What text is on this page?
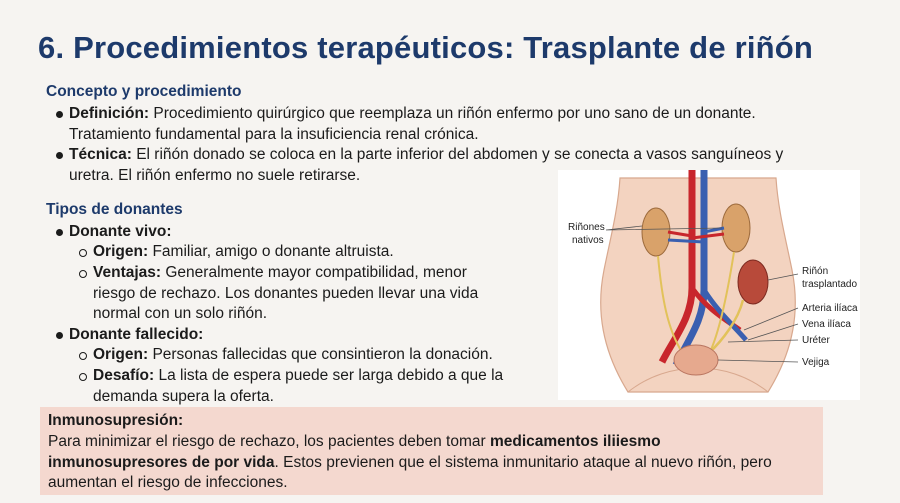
6. Procedimientos terapéuticos: Trasplante de riñón
Concepto y procedimiento
Definición: Procedimiento quirúrgico que reemplaza un riñón enfermo por uno sano de un donante.
Tratamiento fundamental para la insuficiencia renal crónica.
Técnica: El riñón donado se coloca en la parte inferior del abdomen y se conecta a vasos sanguíneos y
uretra. El riñón enfermo no suele retirarse.
Tipos de donantes
Donante vivo:
Origen: Familiar, amigo o donante altruista.
Ventajas: Generalmente mayor compatibilidad, menor
riesgo de rechazo. Los donantes pueden llevar una vida
normal con un solo riñón.
Donante fallecido:
Origen: Personas fallecidas que consintieron la donación.
Desafío: La lista de espera puede ser larga debido a que la
demanda supera la oferta.
Riñones
nativos
Riñón
trasplantado
Arteria ilíaca
Vena ilíaca
Uréter
Vejiga
Inmunosupresión:
Para minimizar el riesgo de rechazo, los pacientes deben tomar medicamentos iliiesmo
inmunosupresores de por vida. Estos previenen que el sistema inmunitario ataque al nuevo riñón, pero
aumentan el riesgo de infecciones.
